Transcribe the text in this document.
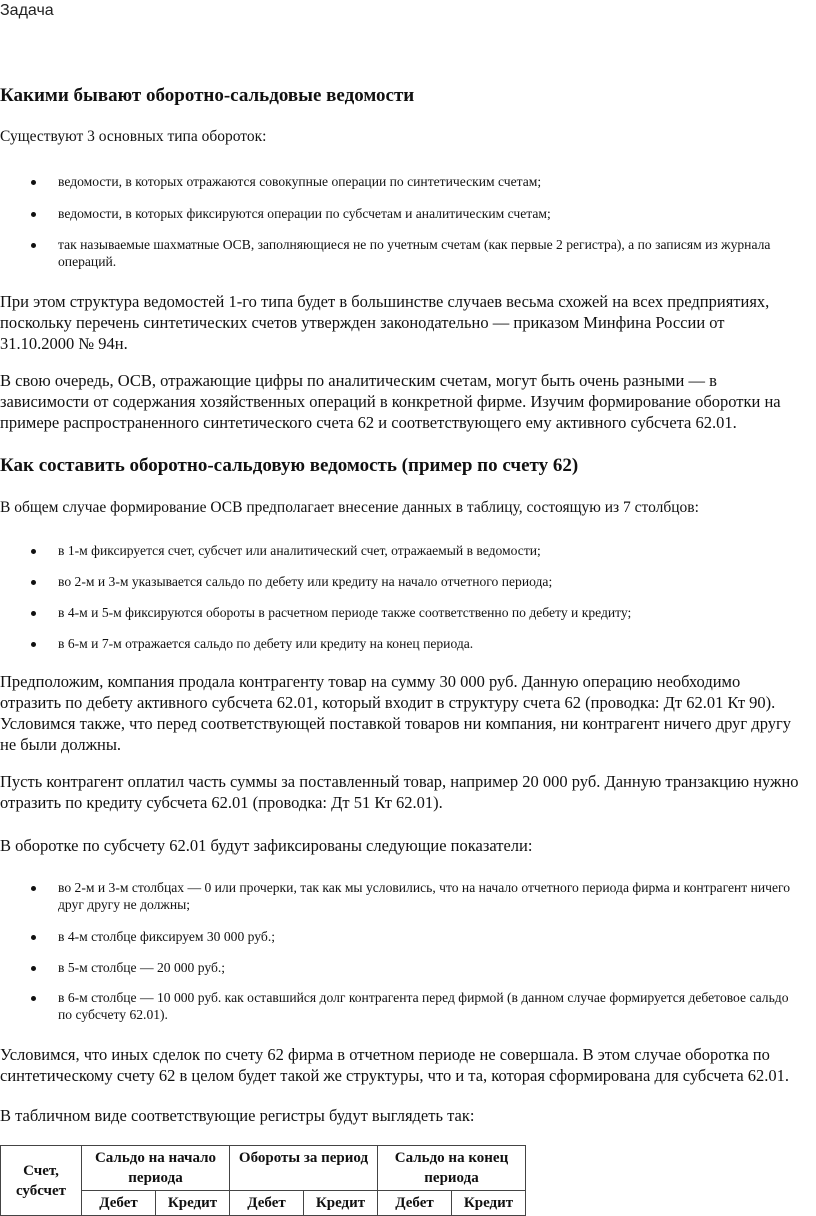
Задача
Какими бывают оборотно-сальдовые ведомости

Существуют 3 основных типа обороток:

ведомости, в которых отражаются совокупные операции по синтетическим счетам;
ведомости, в которых фиксируются операции по субсчетам и аналитическим счетам;
так называемые шахматные ОСВ, заполняющиеся не по учетным счетам (как первые 2 регистра), а по записям из журнала операций.

При этом структура ведомостей 1-го типа будет в большинстве случаев весьма схожей на всех предприятиях, поскольку перечень синтетических счетов утвержден законодательно — приказом Минфина России от 31.10.2000 № 94н.

В свою очередь, ОСВ, отражающие цифры по аналитическим счетам, могут быть очень разными — в зависимости от содержания хозяйственных операций в конкретной фирме. Изучим формирование оборотки на примере распространенного синтетического счета 62 и соответствующего ему активного субсчета 62.01.

Как составить оборотно-сальдовую ведомость (пример по счету 62)

В общем случае формирование ОСВ предполагает внесение данных в таблицу, состоящую из 7 столбцов:

в 1-м фиксируется счет, субсчет или аналитический счет, отражаемый в ведомости;
во 2-м и 3-м указывается сальдо по дебету или кредиту на начало отчетного периода;
в 4-м и 5-м фиксируются обороты в расчетном периоде также соответственно по дебету и кредиту;
в 6-м и 7-м отражается сальдо по дебету или кредиту на конец периода.

Предположим, компания продала контрагенту товар на сумму 30 000 руб. Данную операцию необходимо отразить по дебету активного субсчета 62.01, который входит в структуру счета 62 (проводка: Дт 62.01 Кт 90). Условимся также, что перед соответствующей поставкой товаров ни компания, ни контрагент ничего друг другу не были должны.

Пусть контрагент оплатил часть суммы за поставленный товар, например 20 000 руб. Данную транзакцию нужно отразить по кредиту субсчета 62.01 (проводка: Дт 51 Кт 62.01).

В оборотке по субсчету 62.01 будут зафиксированы следующие показатели:

во 2-м и 3-м столбцах — 0 или прочерки, так как мы условились, что на начало отчетного периода фирма и контрагент ничего друг другу не должны;
в 4-м столбце фиксируем 30 000 руб.;
в 5-м столбце — 20 000 руб.;
в 6-м столбце — 10 000 руб. как оставшийся долг контрагента перед фирмой (в данном случае формируется дебетовое сальдо по субсчету 62.01).

Условимся, что иных сделок по счету 62 фирма в отчетном периоде не совершала. В этом случае оборотка по синтетическому счету 62 в целом будет такой же структуры, что и та, которая сформирована для субсчета 62.01.

В табличном виде соответствующие регистры будут выглядеть так:

Счет, субсчет	Сальдо на начало периода		Обороты за период		Сальдо на конец периода	
	Дебет	Кредит	Дебет	Кредит	Дебет	Кредит
